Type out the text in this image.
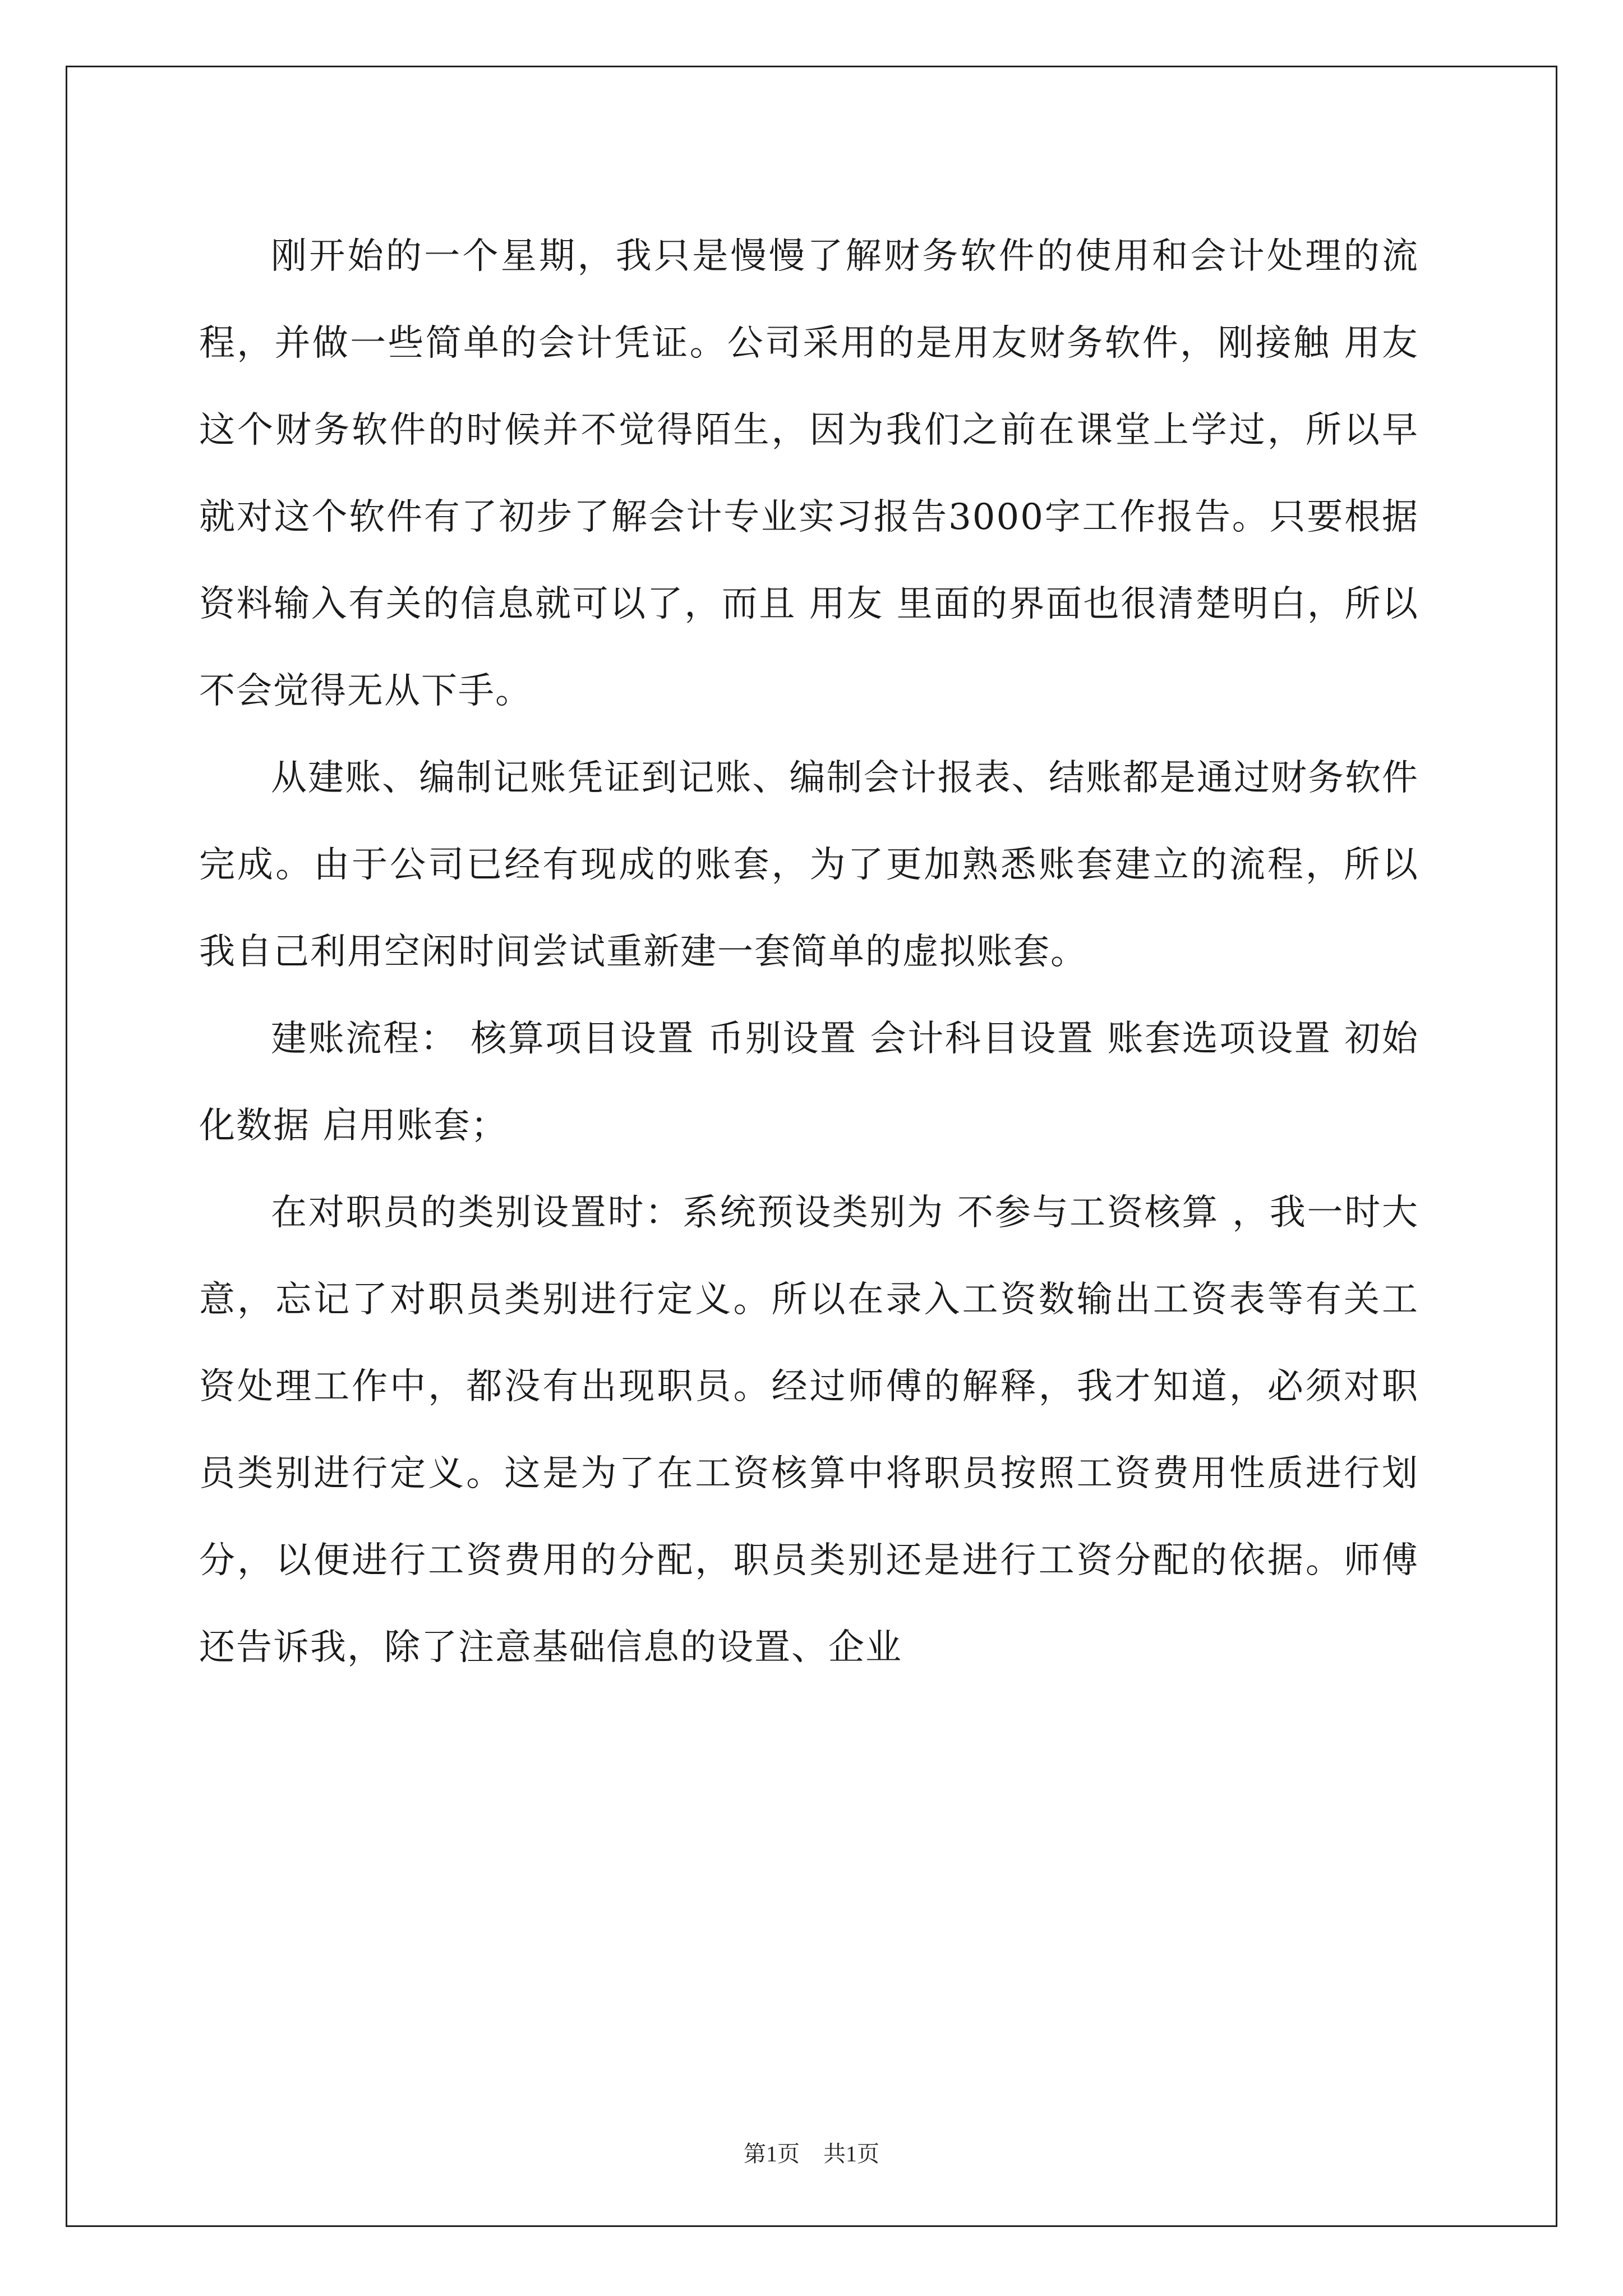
刚开始的一个星期，我只是慢慢了解财务软件的使用和会计处理的流程，并做一些简单的会计凭证。公司采用的是用友财务软件，刚接触 用友 这个财务软件的时候并不觉得陌生，因为我们之前在课堂上学过，所以早就对这个软件有了初步了解会计专业实习报告3000字工作报告。只要根据资料输入有关的信息就可以了，而且 用友 里面的界面也很清楚明白，所以不会觉得无从下手。

从建账、编制记账凭证到记账、编制会计报表、结账都是通过财务软件完成。由于公司已经有现成的账套，为了更加熟悉账套建立的流程，所以我自己利用空闲时间尝试重新建一套简单的虚拟账套。

建账流程： 核算项目设置 币别设置 会计科目设置 账套选项设置 初始化数据 启用账套；

在对职员的类别设置时：系统预设类别为 不参与工资核算 ，我一时大意，忘记了对职员类别进行定义。所以在录入工资数输出工资表等有关工资处理工作中，都没有出现职员。经过师傅的解释，我才知道，必须对职员类别进行定义。这是为了在工资核算中将职员按照工资费用性质进行划分，以便进行工资费用的分配，职员类别还是进行工资分配的依据。师傅还告诉我，除了注意基础信息的设置、企业

第1页 共1页
